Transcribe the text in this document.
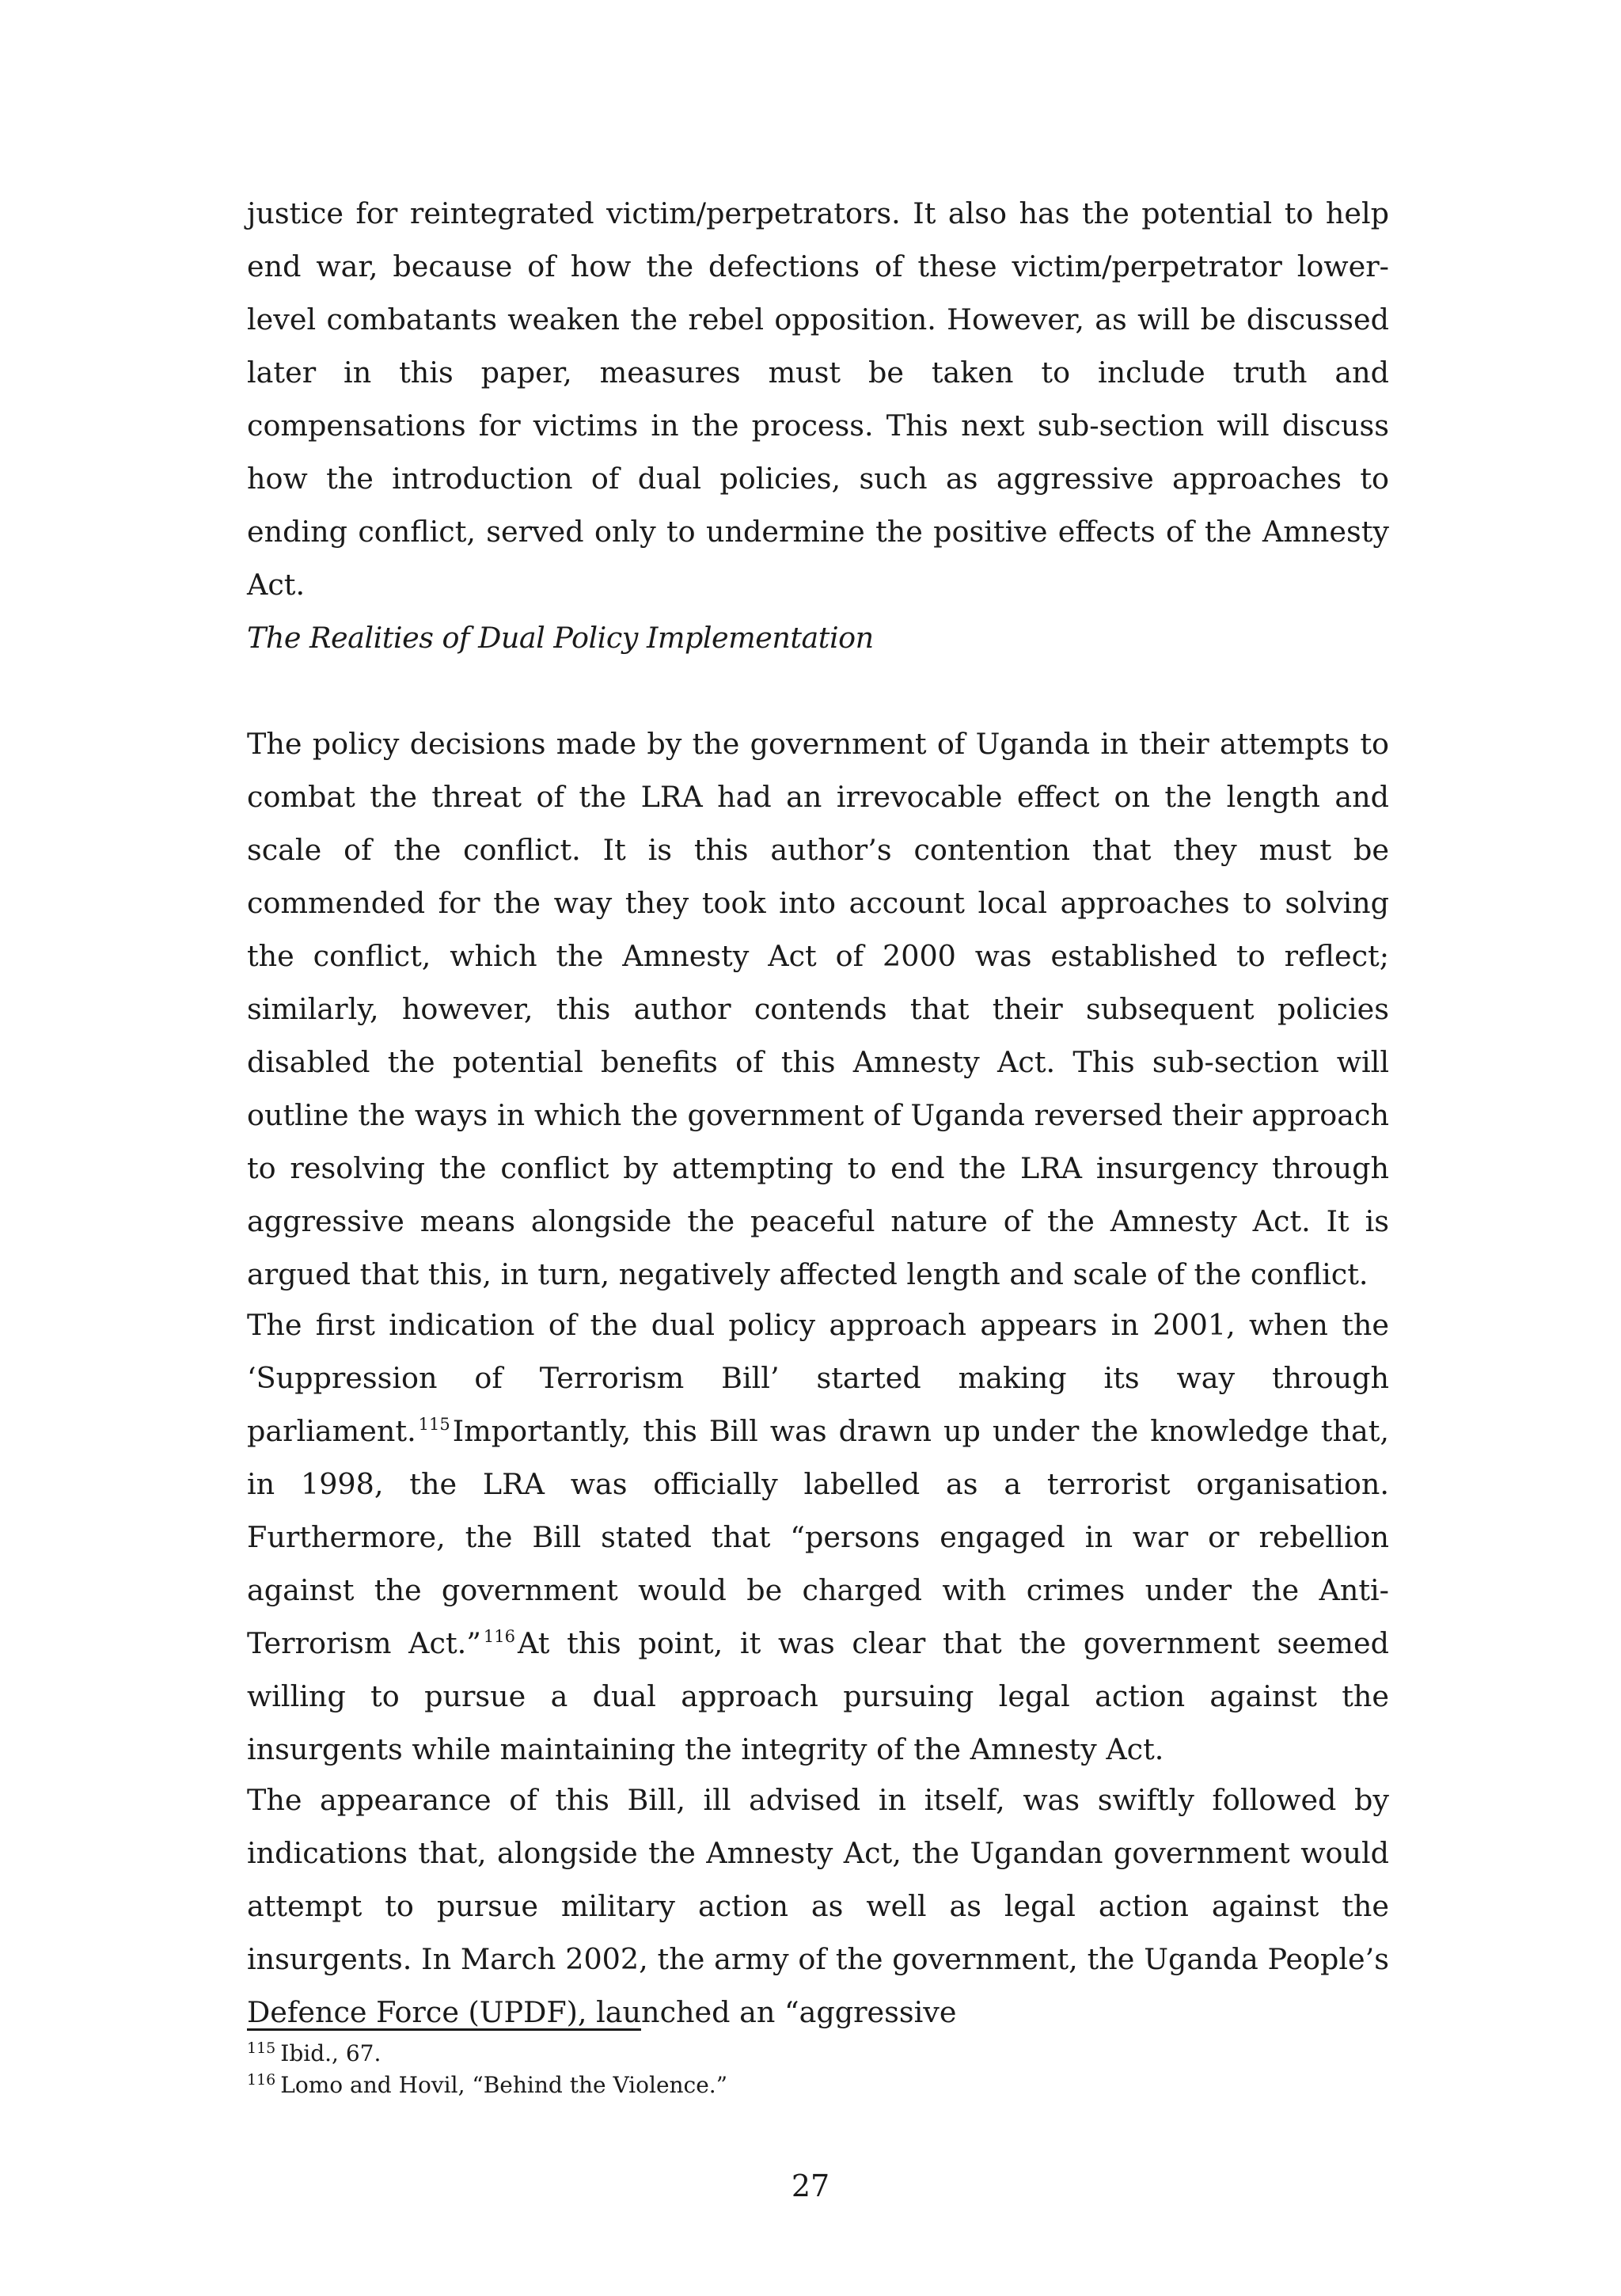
justice for reintegrated victim/perpetrators. It also has the potential to help end war, because of how the defections of these victim/perpetrator lower-level combatants weaken the rebel opposition. However, as will be discussed later in this paper, measures must be taken to include truth and compensations for victims in the process. This next sub-section will discuss how the introduction of dual policies, such as aggressive approaches to ending conflict, served only to undermine the positive effects of the Amnesty Act.

The Realities of Dual Policy Implementation

The policy decisions made by the government of Uganda in their attempts to combat the threat of the LRA had an irrevocable effect on the length and scale of the conflict. It is this author’s contention that they must be commended for the way they took into account local approaches to solving the conflict, which the Amnesty Act of 2000 was established to reflect; similarly, however, this author contends that their subsequent policies disabled the potential benefits of this Amnesty Act. This sub-section will outline the ways in which the government of Uganda reversed their approach to resolving the conflict by attempting to end the LRA insurgency through aggressive means alongside the peaceful nature of the Amnesty Act. It is argued that this, in turn, negatively affected length and scale of the conflict.

The first indication of the dual policy approach appears in 2001, when the ‘Suppression of Terrorism Bill’ started making its way through parliament. $^{115}$Importantly, this Bill was drawn up under the knowledge that, in 1998, the LRA was officially labelled as a terrorist organisation. Furthermore, the Bill stated that “persons engaged in war or rebellion against the government would be charged with crimes under the Anti-Terrorism Act.” $^{116}$At this point, it was clear that the government seemed willing to pursue a dual approach pursuing legal action against the insurgents while maintaining the integrity of the Amnesty Act.

The appearance of this Bill, ill advised in itself, was swiftly followed by indications that, alongside the Amnesty Act, the Ugandan government would attempt to pursue military action as well as legal action against the insurgents. In March 2002, the army of the government, the Uganda People’s Defence Force (UPDF), launched an “aggressive

$^{115}$ Ibid., 67.
$^{116}$ Lomo and Hovil, “Behind the Violence.”
27
